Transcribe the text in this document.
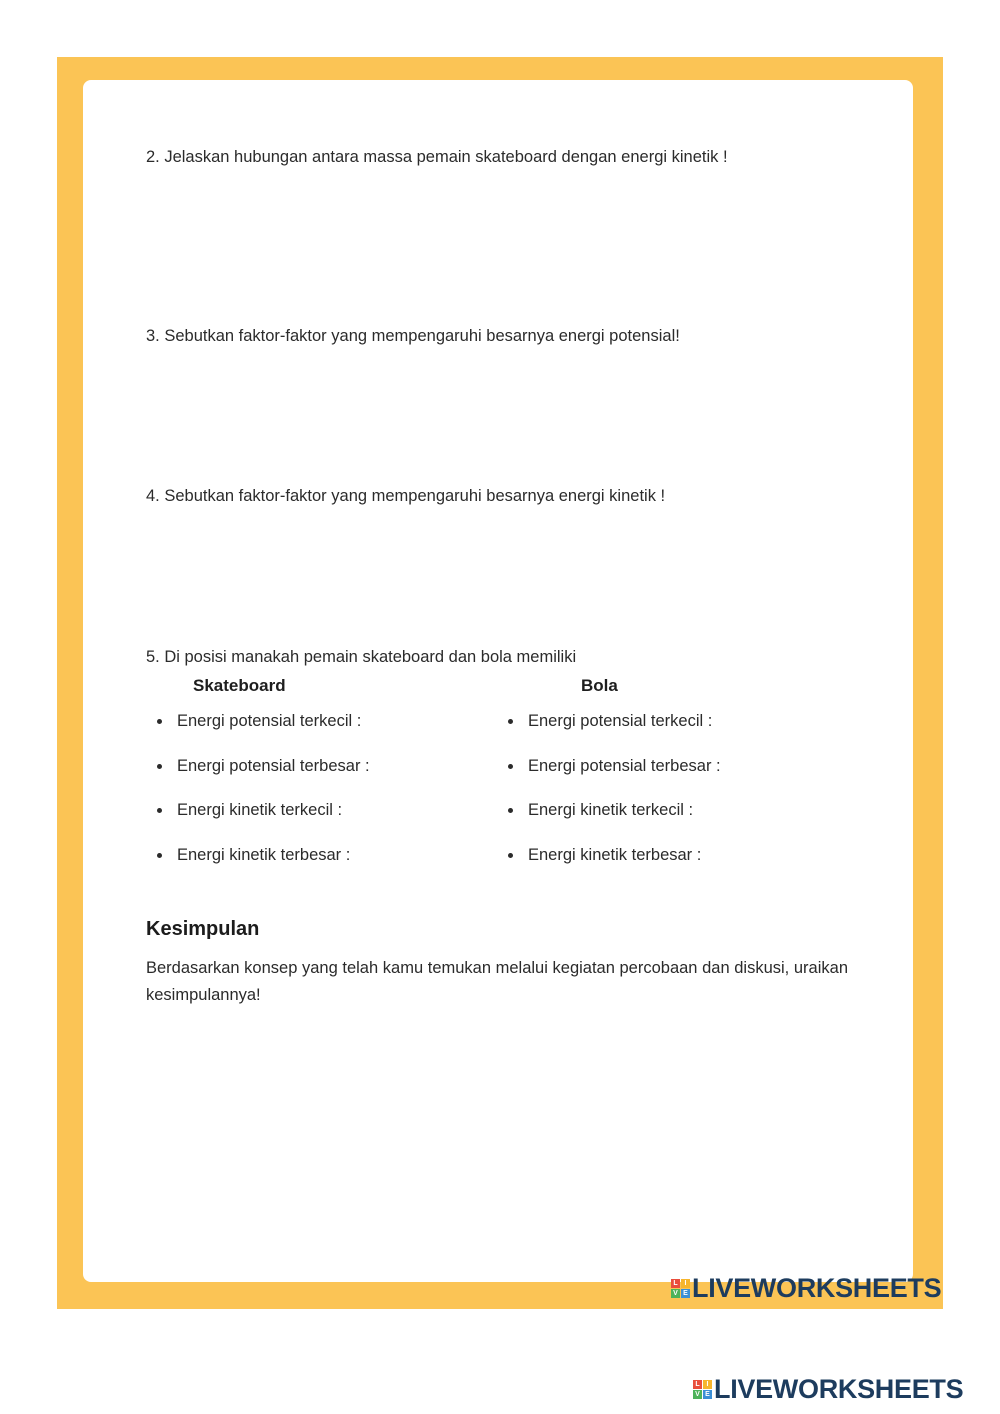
2. Jelaskan hubungan antara massa pemain skateboard dengan energi kinetik !
3. Sebutkan faktor-faktor yang mempengaruhi besarnya energi potensial!
4. Sebutkan faktor-faktor yang mempengaruhi besarnya energi kinetik !
5. Di posisi manakah pemain skateboard dan bola memiliki
Skateboard	Bola
Energi potensial terkecil :
Energi potensial terbesar :
Energi kinetik terkecil :
Energi kinetik terbesar :
Energi potensial terkecil :
Energi potensial terbesar :
Energi kinetik terkecil :
Energi kinetik terbesar :
Kesimpulan
Berdasarkan konsep yang telah kamu temukan melalui kegiatan percobaan dan diskusi, uraikan kesimpulannya!
L I
V E LIVEWORKSHEETS
L I
V E LIVEWORKSHEETS
